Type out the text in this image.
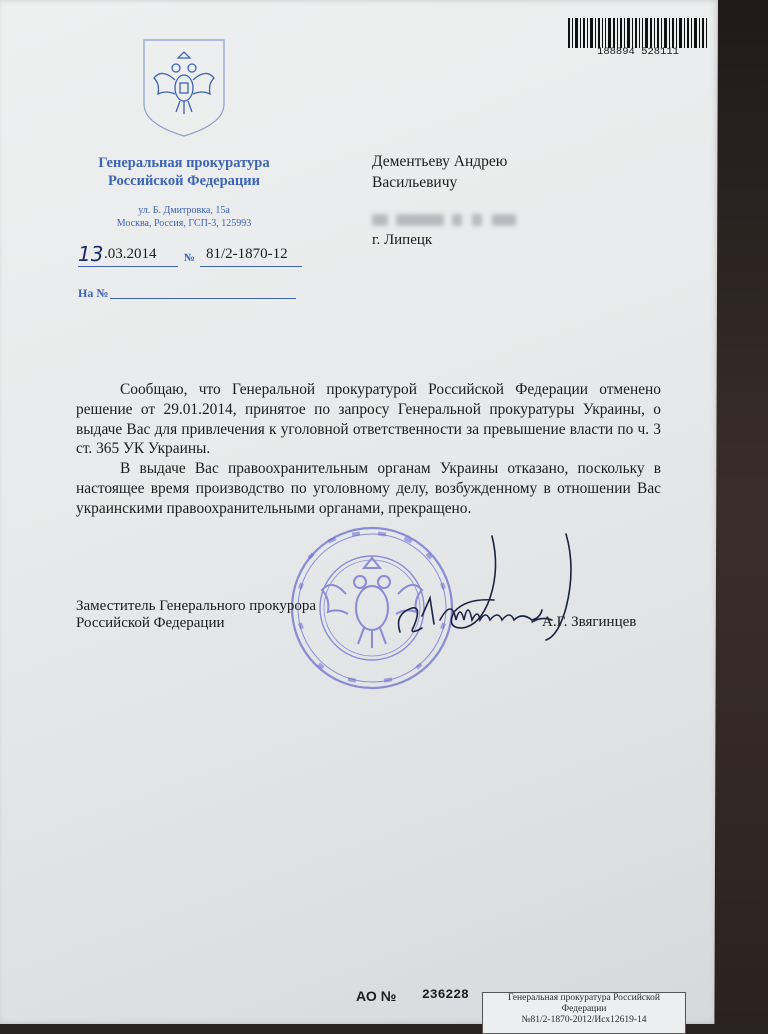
188894 528111
Генеральная прокуратура
Российской Федерации
ул. Б. Дмитровка, 15а
Москва, Россия, ГСП-3, 125993
13 .03.2014	№ 81/2-1870-12
На №
Дементьеву Андрею
Васильевичу
г. Липецк

Сообщаю, что Генеральной прокуратурой Российской Федерации отменено решение от 29.01.2014, принятое по запросу Генеральной прокуратуры Украины, о выдаче Вас для привлечения к уголовной ответственности за превышение власти по ч. 3 ст. 365 УК Украины.

В выдаче Вас правоохранительным органам Украины отказано, поскольку в настоящее время производство по уголовному делу, возбужденному в отношении Вас украинскими правоохранительными органами, прекращено.

Заместитель Генерального прокурора
Российской Федерации	А.Г. Звягинцев
АО № 236228	Генеральная прокуратура Российской
Федерации
№81/2-1870-2012/Исх12619-14
